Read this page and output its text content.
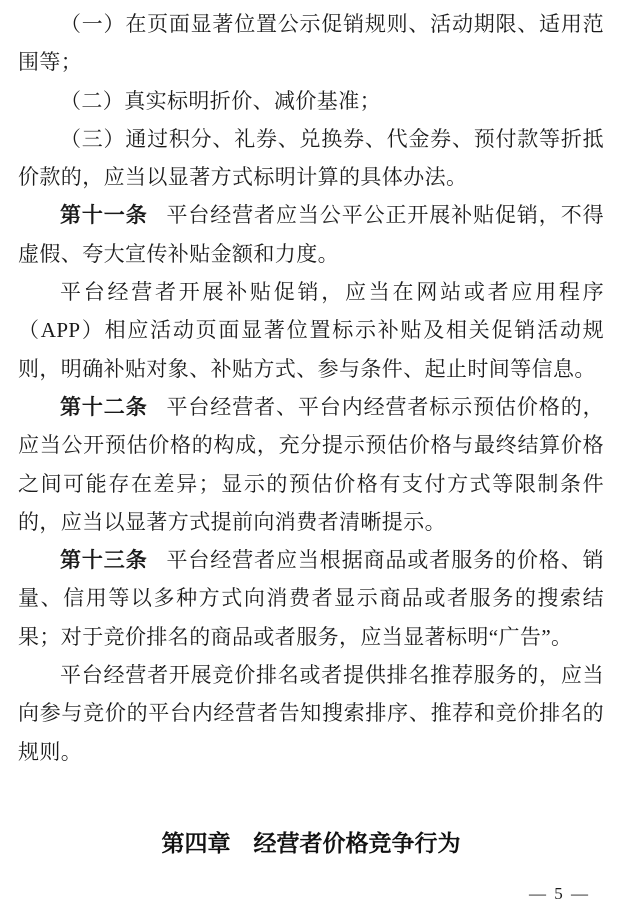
（一）在页面显著位置公示促销规则、活动期限、适用范围等；

（二）真实标明折价、减价基准；

（三）通过积分、礼券、兑换券、代金券、预付款等折抵价款的，应当以显著方式标明计算的具体办法。

第十一条 平台经营者应当公平公正开展补贴促销，不得虚假、夸大宣传补贴金额和力度。

平台经营者开展补贴促销，应当在网站或者应用程序（APP）相应活动页面显著位置标示补贴及相关促销活动规则，明确补贴对象、补贴方式、参与条件、起止时间等信息。

第十二条 平台经营者、平台内经营者标示预估价格的，应当公开预估价格的构成，充分提示预估价格与最终结算价格之间可能存在差异；显示的预估价格有支付方式等限制条件的，应当以显著方式提前向消费者清晰提示。

第十三条 平台经营者应当根据商品或者服务的价格、销量、信用等以多种方式向消费者显示商品或者服务的搜索结果；对于竞价排名的商品或者服务，应当显著标明“广告”。

平台经营者开展竞价排名或者提供排名推荐服务的，应当向参与竞价的平台内经营者告知搜索排序、推荐和竞价排名的规则。

第四章　经营者价格竞争行为
— 5 —
